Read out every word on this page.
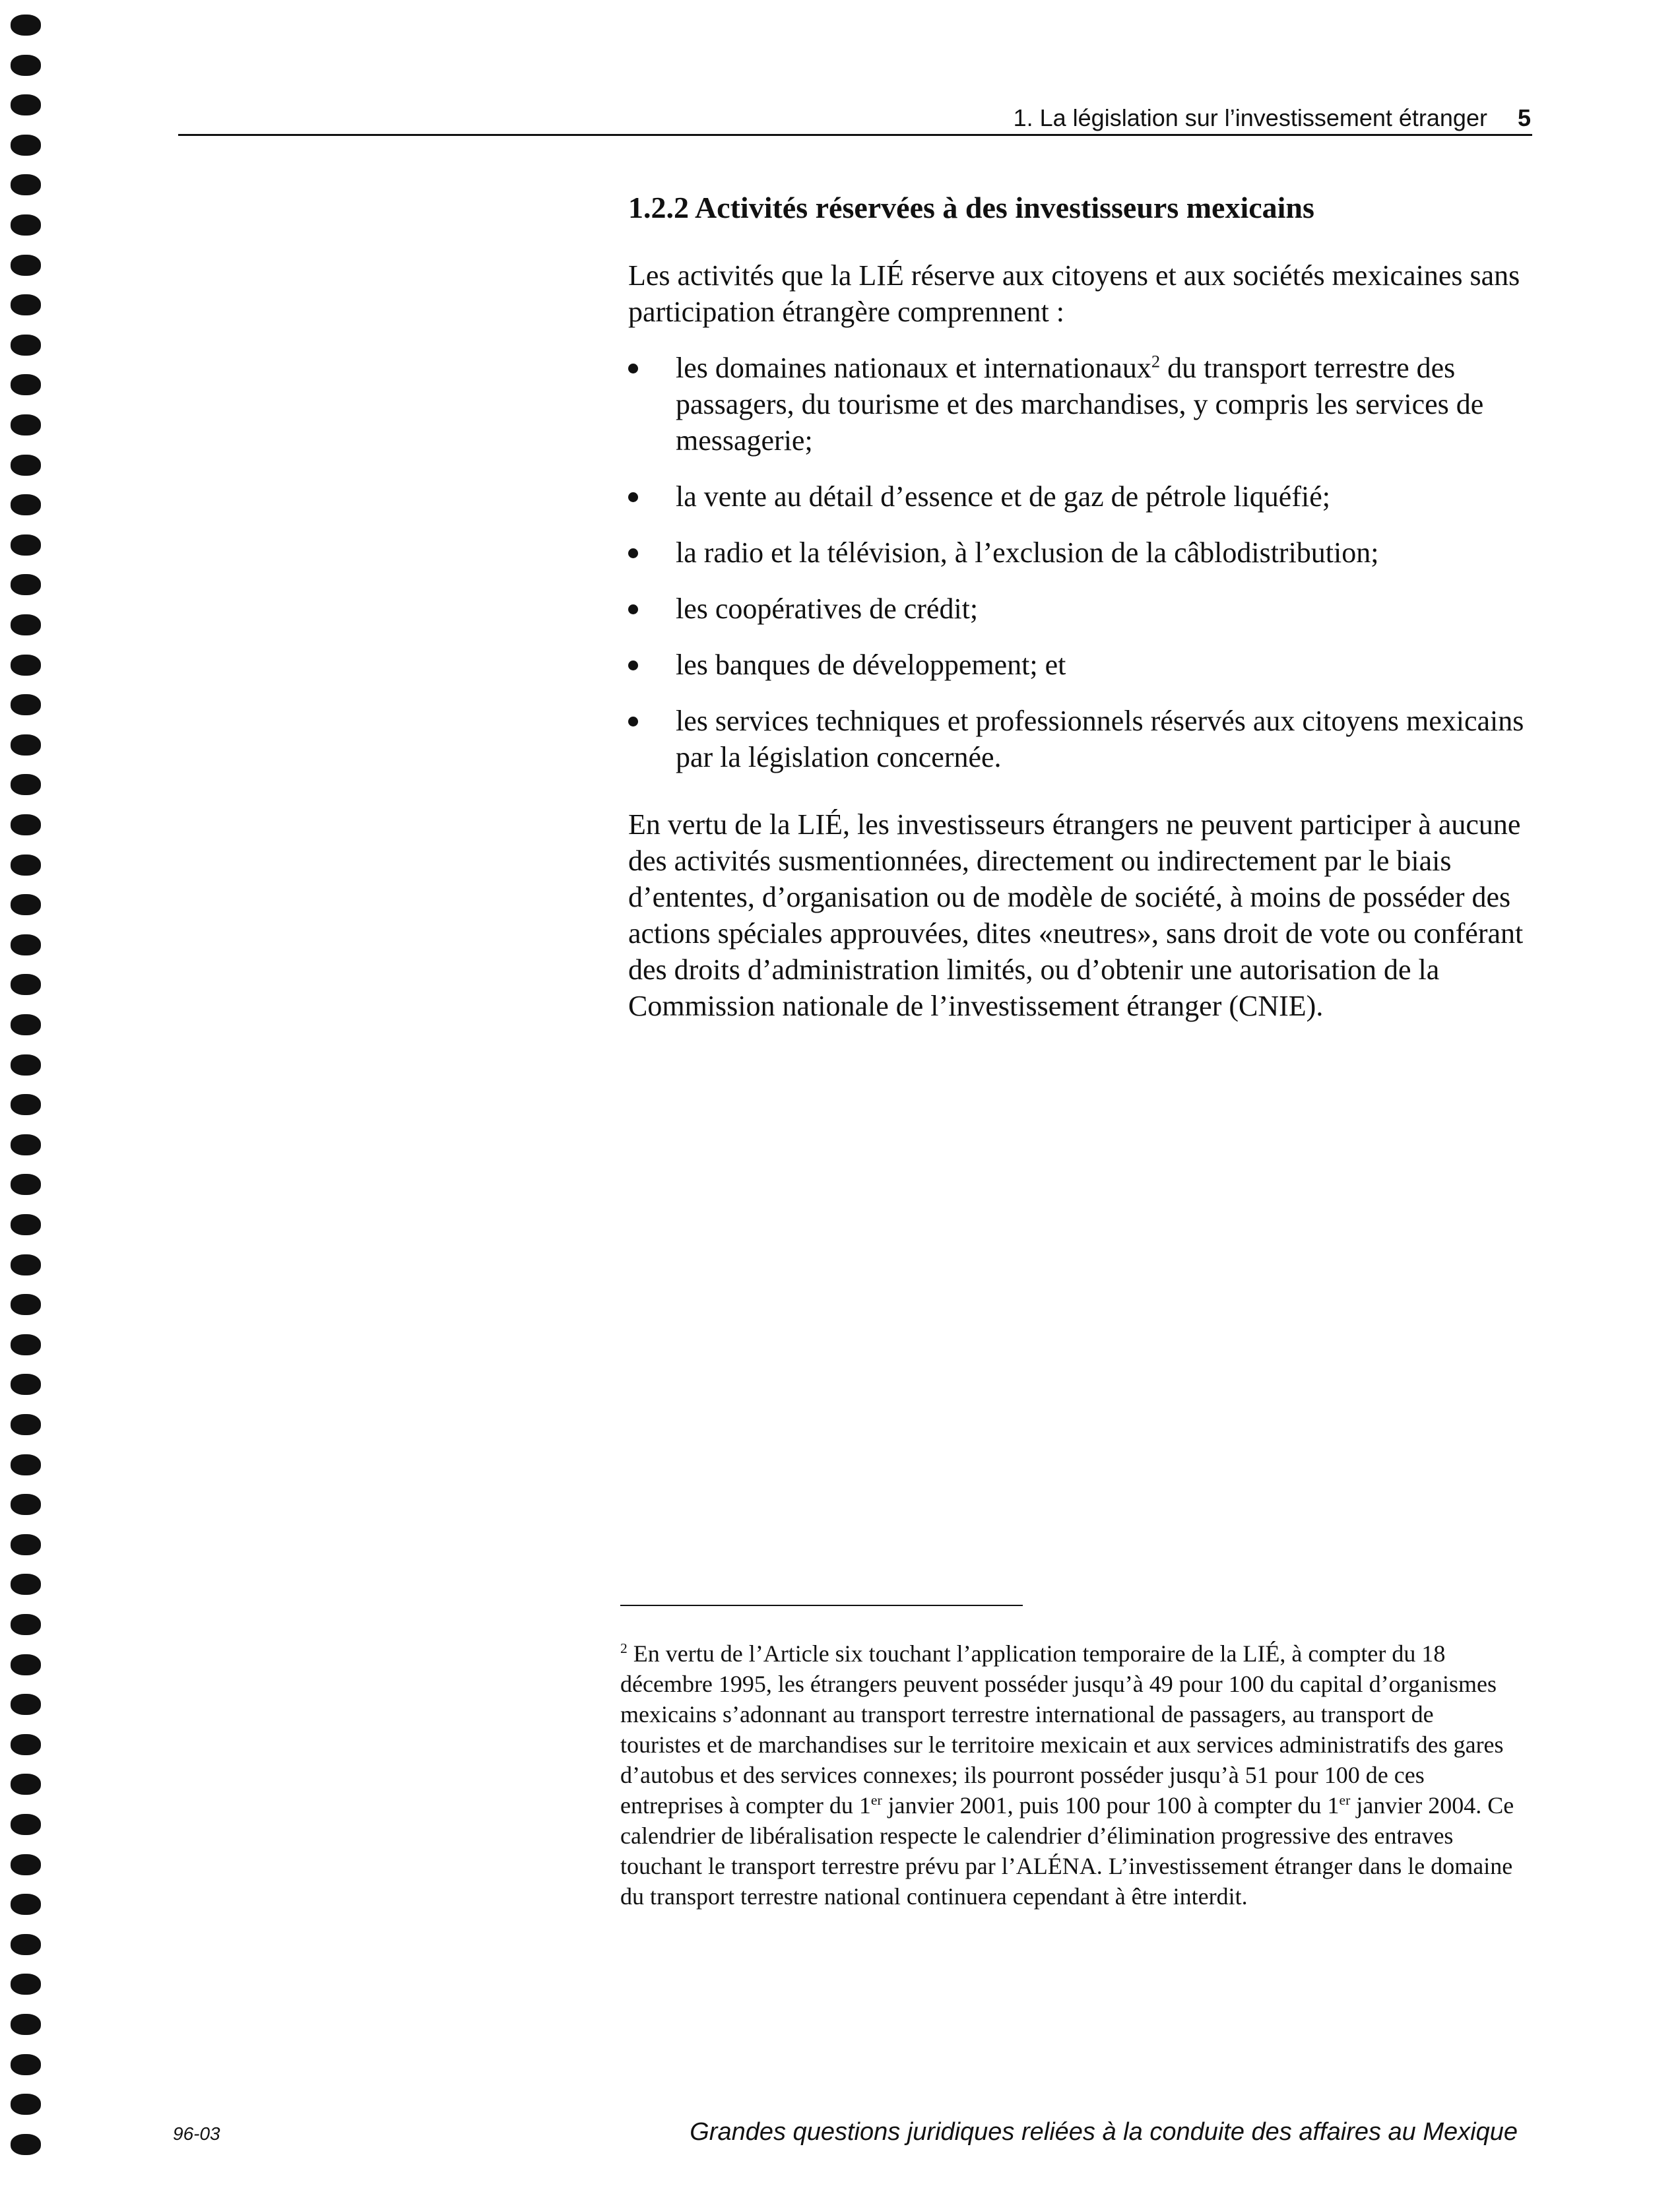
1. La législation sur l’investissement étranger 5
1.2.2 Activités réservées à des investisseurs mexicains
Les activités que la LIÉ réserve aux citoyens et aux sociétés mexicaines sans participation étrangère comprennent :
les domaines nationaux et internationaux$^2$ du transport terrestre des passagers, du tourisme et des marchandises, y compris les services de messagerie;
la vente au détail d’essence et de gaz de pétrole liquéfié;
la radio et la télévision, à l’exclusion de la câblodistribution;
les coopératives de crédit;
les banques de développement; et
les services techniques et professionnels réservés aux citoyens mexicains par la législation concernée.
En vertu de la LIÉ, les investisseurs étrangers ne peuvent participer à aucune des activités susmentionnées, directement ou indirectement par le biais d’ententes, d’organisation ou de modèle de société, à moins de posséder des actions spéciales approuvées, dites «neutres», sans droit de vote ou conférant des droits d’administration limités, ou d’obtenir une autorisation de la Commission nationale de l’investissement étranger (CNIE).
$^2$ En vertu de l’Article six touchant l’application temporaire de la LIÉ, à compter du 18 décembre 1995, les étrangers peuvent posséder jusqu’à 49 pour 100 du capital d’organismes mexicains s’adonnant au transport terrestre international de passagers, au transport de touristes et de marchandises sur le territoire mexicain et aux services administratifs des gares d’autobus et des services connexes; ils pourront posséder jusqu’à 51 pour 100 de ces entreprises à compter du 1er janvier 2001, puis 100 pour 100 à compter du 1er janvier 2004. Ce calendrier de libéralisation respecte le calendrier d’élimination progressive des entraves touchant le transport terrestre prévu par l’ALÉNA. L’investissement étranger dans le domaine du transport terrestre national continuera cependant à être interdit.
96-03	Grandes questions juridiques reliées à la conduite des affaires au Mexique
